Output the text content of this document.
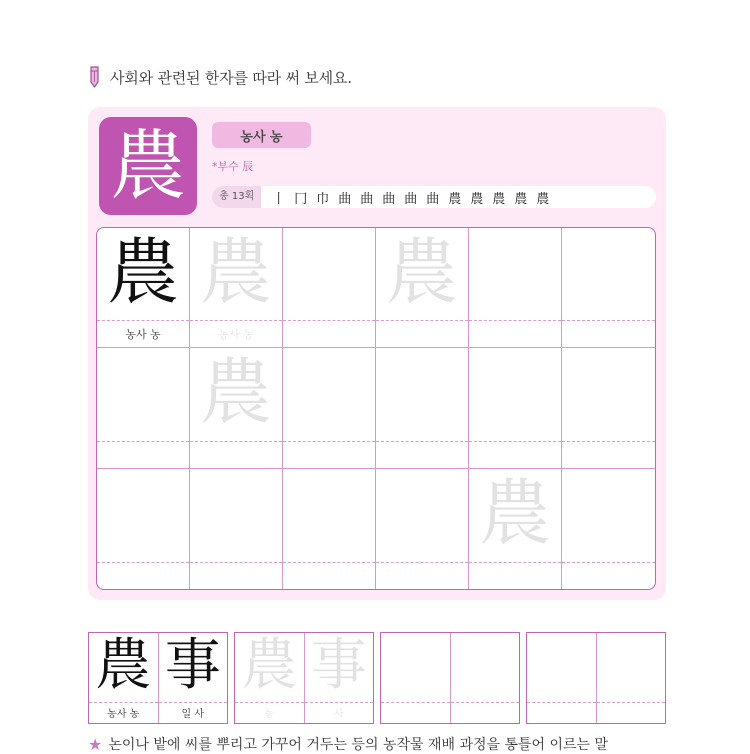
사회와 관련된 한자를 따라 써 보세요.
農	농사 농
*부수 辰
총 13획	丨 冂 巾 曲 曲 曲 曲 曲 農 農 農 農 農
農
농사 농
農
농사 농
農
農
農
★ 논이나 밭에 씨를 뿌리고 가꾸어 거두는 등의 농작물 재배 과정을 통틀어 이르는 말
農
농사 농
事
일 사
農
농
事
사
